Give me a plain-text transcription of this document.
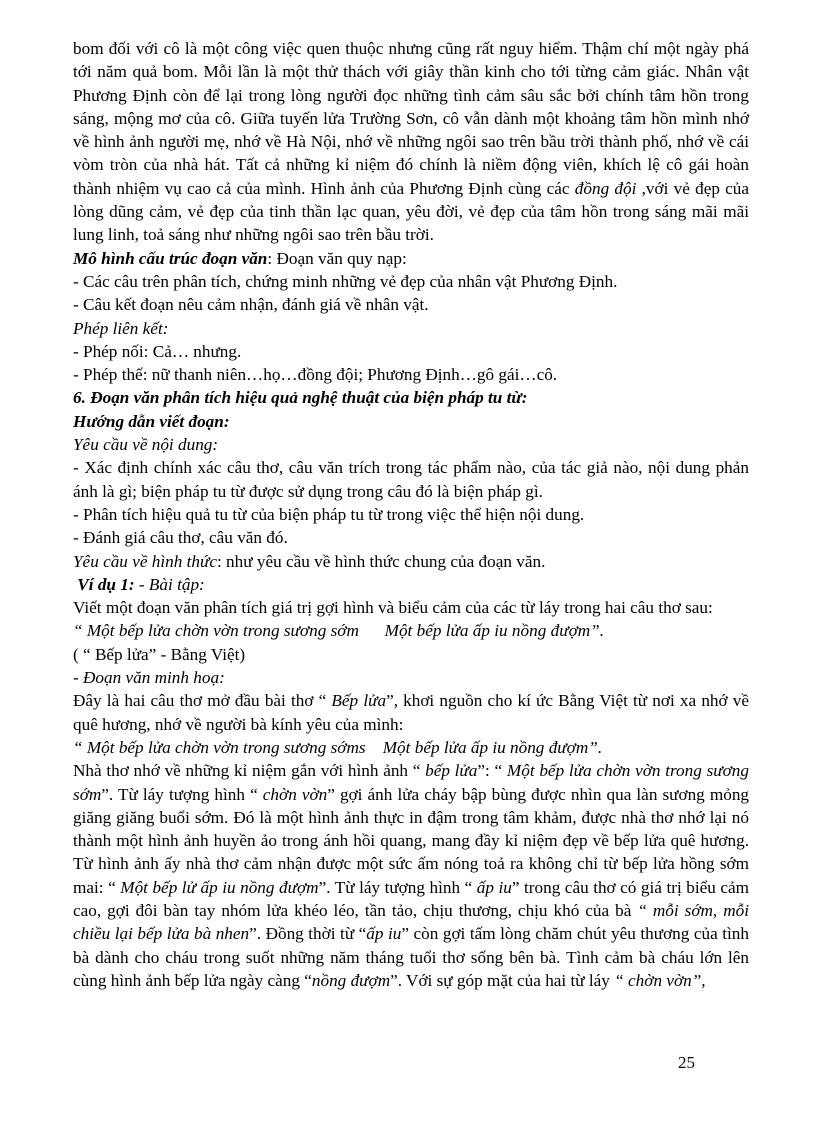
bom đối với cô là một công việc quen thuộc nhưng cũng rất nguy hiểm. Thậm chí một ngày phá tới năm quả bom. Mỗi lần là một thử thách với giây thần kinh cho tới từng cảm giác. Nhân vật Phương Định còn để lại trong lòng người đọc những tình cảm sâu sắc bởi chính tâm hồn trong sáng, mộng mơ của cô. Giữa tuyến lửa Trường Sơn, cô vẫn dành một khoảng tâm hồn mình nhớ về hình ảnh người mẹ, nhớ về Hà Nội, nhớ về những ngôi sao trên bầu trời thành phố, nhớ về cái vòm tròn của nhà hát. Tất cả những kỉ niệm đó chính là niềm động viên, khích lệ cô gái hoàn thành nhiệm vụ cao cả của mình. Hình ảnh của Phương Định cùng các đồng đội ,với vẻ đẹp của lòng dũng cảm, vẻ đẹp của tinh thần lạc quan, yêu đời, vẻ đẹp của tâm hồn trong sáng mãi mãi lung linh, toả sáng như những ngôi sao trên bầu trời.

Mô hình cấu trúc đoạn văn: Đoạn văn quy nạp:

- Các câu trên phân tích, chứng minh những vẻ đẹp của nhân vật Phương Định.

- Câu kết đoạn nêu cảm nhận, đánh giá về nhân vật.

Phép liên kết:

- Phép nối: Cả… nhưng.

- Phép thế: nữ thanh niên…họ…đồng đội; Phương Định…gô gái…cô.

6. Đoạn văn phân tích hiệu quả nghệ thuật của biện pháp tu từ:

Hướng dẫn viết đoạn:

Yêu cầu về nội dung:

- Xác định chính xác câu thơ, câu văn trích trong tác phẩm nào, của tác giả nào, nội dung phản ánh là gì; biện pháp tu từ được sử dụng trong câu đó là biện pháp gì.

- Phân tích hiệu quả tu từ của biện pháp tu từ trong việc thể hiện nội dung.

- Đánh giá câu thơ, câu văn đó.

Yêu cầu về hình thức: như yêu cầu về hình thức chung của đoạn văn.

Ví dụ 1: - Bài tập:

Viết một đoạn văn phân tích giá trị gợi hình và biểu cảm của các từ láy trong hai câu thơ sau:

“ Một bếp lửa chờn vờn trong sương sớm      Một bếp lửa ấp iu nồng đượm”.

( “ Bếp lửa” - Bằng Việt)

- Đoạn văn minh hoạ:

Đây là hai câu thơ mở đầu bài thơ “ Bếp lửa”, khơi nguồn cho kí ức Bằng Việt từ nơi xa nhớ về quê hương, nhớ về người bà kính yêu của mình:

“ Một bếp lửa chờn vờn trong sương sớms    Một bếp lửa ấp iu nồng đượm”.

Nhà thơ nhớ về những kỉ niệm gắn với hình ảnh “ bếp lửa”: “ Một bếp lửa chờn vờn trong sương sớm”. Từ láy tượng hình “ chờn vờn” gợi ánh lửa cháy bập bùng được nhìn qua làn sương mỏng giăng giăng buổi sớm. Đó là một hình ảnh thực in đậm trong tâm khảm, được nhà thơ nhớ lại nó thành một hình ảnh huyền ảo trong ánh hồi quang, mang đầy kỉ niệm đẹp về bếp lửa quê hương. Từ hình ảnh ấy nhà thơ cảm nhận được một sức ấm nóng toả ra không chỉ từ bếp lửa hồng sớm mai: “ Một bếp lử ấp iu nồng đượm”. Từ láy tượng hình “ ấp iu” trong câu thơ có giá trị biểu cảm cao, gợi đôi bàn tay nhóm lửa khéo léo, tần tảo, chịu thương, chịu khó của bà “ mỗi sớm, mỗi chiều lại bếp lửa bà nhen”. Đồng thời từ “ấp iu” còn gợi tấm lòng chăm chút yêu thương của tình bà dành cho cháu trong suốt những năm tháng tuổi thơ sống bên bà. Tình cảm bà cháu lớn lên cùng hình ảnh bếp lửa ngày càng “nồng đượm”. Với sự góp mặt của hai từ láy “ chờn vờn”,

25
